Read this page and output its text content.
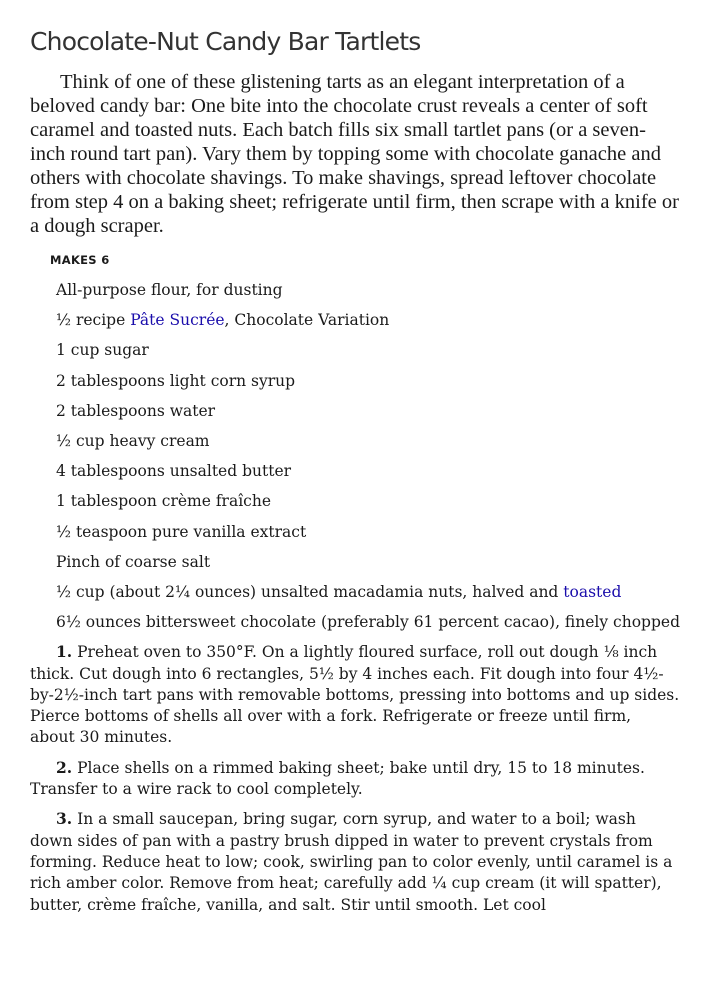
Chocolate-Nut Candy Bar Tartlets

Think of one of these glistening tarts as an elegant interpretation of a beloved candy bar: One bite into the chocolate crust reveals a center of soft caramel and toasted nuts. Each batch fills six small tartlet pans (or a seven-inch round tart pan). Vary them by topping some with chocolate ganache and others with chocolate shavings. To make shavings, spread leftover chocolate from step 4 on a baking sheet; refrigerate until firm, then scrape with a knife or a dough scraper.

MAKES 6
All-purpose flour, for dusting
½ recipe Pâte Sucrée, Chocolate Variation
1 cup sugar
2 tablespoons light corn syrup
2 tablespoons water
½ cup heavy cream
4 tablespoons unsalted butter
1 tablespoon crème fraîche
½ teaspoon pure vanilla extract
Pinch of coarse salt
½ cup (about 2¼ ounces) unsalted macadamia nuts, halved and toasted
6½ ounces bittersweet chocolate (preferably 61 percent cacao), finely chopped

1. Preheat oven to 350°F. On a lightly floured surface, roll out dough ⅛ inch thick. Cut dough into 6 rectangles, 5½ by 4 inches each. Fit dough into four 4½-by-2½-inch tart pans with removable bottoms, pressing into bottoms and up sides. Pierce bottoms of shells all over with a fork. Refrigerate or freeze until firm, about 30 minutes.

2. Place shells on a rimmed baking sheet; bake until dry, 15 to 18 minutes. Transfer to a wire rack to cool completely.

3. In a small saucepan, bring sugar, corn syrup, and water to a boil; wash down sides of pan with a pastry brush dipped in water to prevent crystals from forming. Reduce heat to low; cook, swirling pan to color evenly, until caramel is a rich amber color. Remove from heat; carefully add ¼ cup cream (it will spatter), butter, crème fraîche, vanilla, and salt. Stir until smooth. Let cool
